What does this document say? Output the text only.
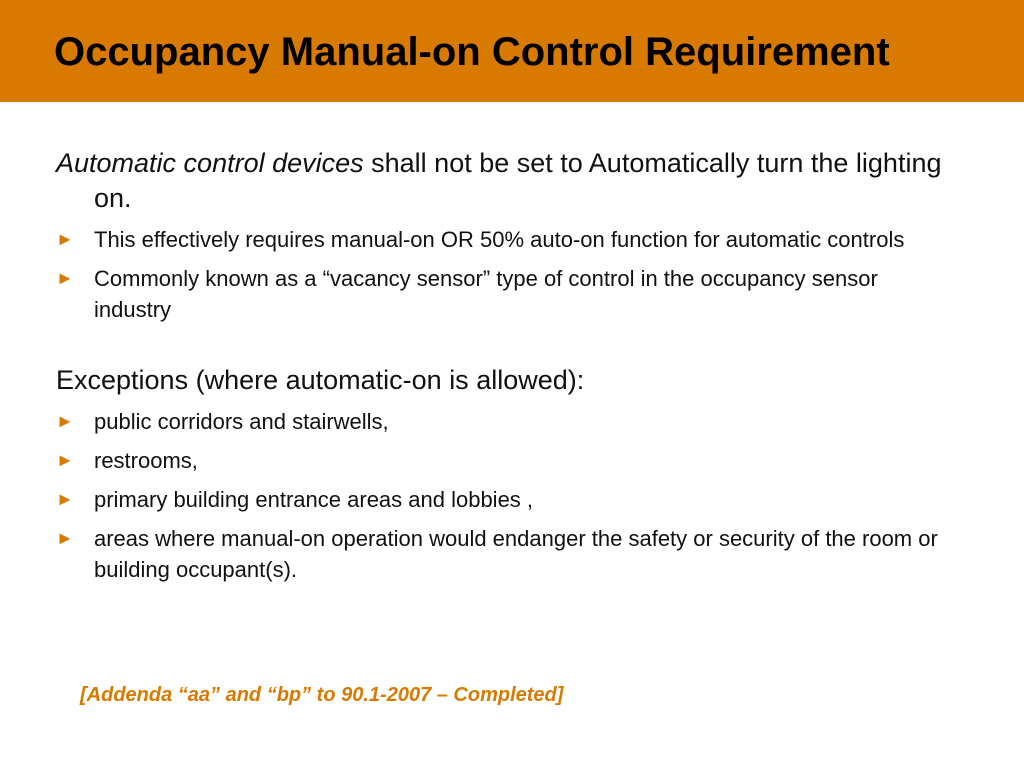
Occupancy Manual-on Control Requirement

Automatic control devices shall not be set to Automatically turn the lighting on.

► This effectively requires manual-on OR 50% auto-on function for automatic controls
► Commonly known as a “vacancy sensor” type of control in the occupancy sensor industry

Exceptions (where automatic-on is allowed):

► public corridors and stairwells,
► restrooms,
► primary building entrance areas and lobbies ,
► areas where manual-on operation would endanger the safety or security of the room or building occupant(s).

[Addenda “aa” and “bp” to 90.1-2007 – Completed]
